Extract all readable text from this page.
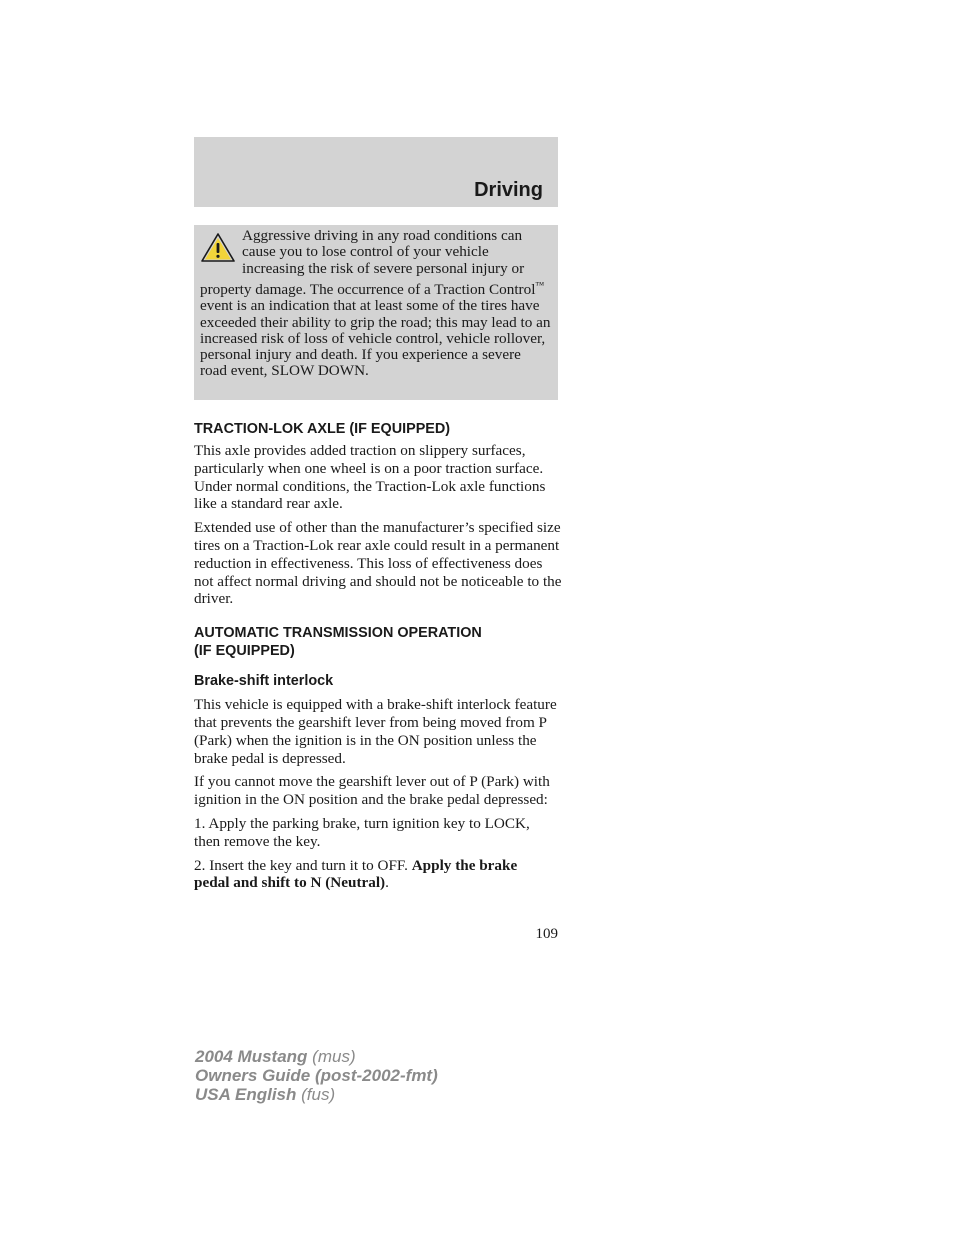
Driving

Aggressive driving in any road conditions can cause you to lose control of your vehicle increasing the risk of severe personal injury or property damage. The occurrence of a Traction Control™ event is an indication that at least some of the tires have exceeded their ability to grip the road; this may lead to an increased risk of loss of vehicle control, vehicle rollover, personal injury and death. If you experience a severe road event, SLOW DOWN.

TRACTION-LOK AXLE (IF EQUIPPED)

This axle provides added traction on slippery surfaces, particularly when one wheel is on a poor traction surface. Under normal conditions, the Traction-Lok axle functions like a standard rear axle.

Extended use of other than the manufacturer’s specified size tires on a Traction-Lok rear axle could result in a permanent reduction in effectiveness. This loss of effectiveness does not affect normal driving and should not be noticeable to the driver.

AUTOMATIC TRANSMISSION OPERATION
(IF EQUIPPED)
Brake-shift interlock

This vehicle is equipped with a brake-shift interlock feature that prevents the gearshift lever from being moved from P (Park) when the ignition is in the ON position unless the brake pedal is depressed.

If you cannot move the gearshift lever out of P (Park) with ignition in the ON position and the brake pedal depressed:

1. Apply the parking brake, turn ignition key to LOCK, then remove the key.

2. Insert the key and turn it to OFF. Apply the brake pedal and shift to N (Neutral).

109
2004 Mustang (mus)
Owners Guide (post-2002-fmt)
USA English (fus)
